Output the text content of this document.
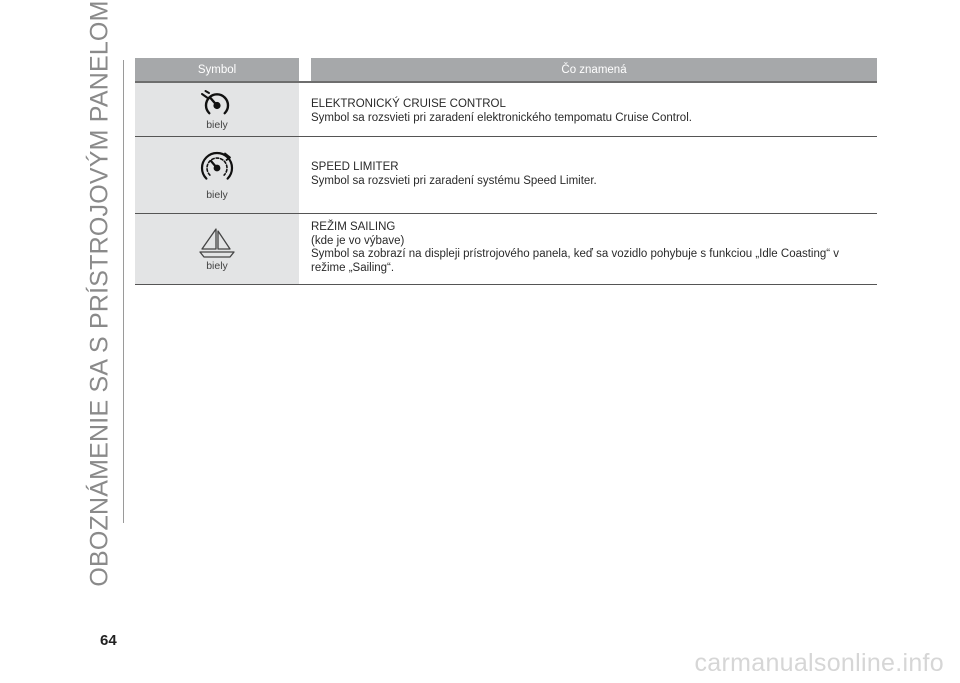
OBOZNÁMENIE SA S PRÍSTROJOVÝM PANELOM	Symbol	Čo znamená
biely
ELEKTRONICKÝ CRUISE CONTROL
Symbol sa rozsvieti pri zaradení elektronického tempomatu Cruise Control.
biely
SPEED LIMITER
Symbol sa rozsvieti pri zaradení systému Speed Limiter.
biely
REŽIM SAILING
(kde je vo výbave)
Symbol sa zobrazí na displeji prístrojového panela, keď sa vozidlo pohybuje s funkciou „Idle Coasting“ v
režime „Sailing“.
64
carmanualsonline.info
